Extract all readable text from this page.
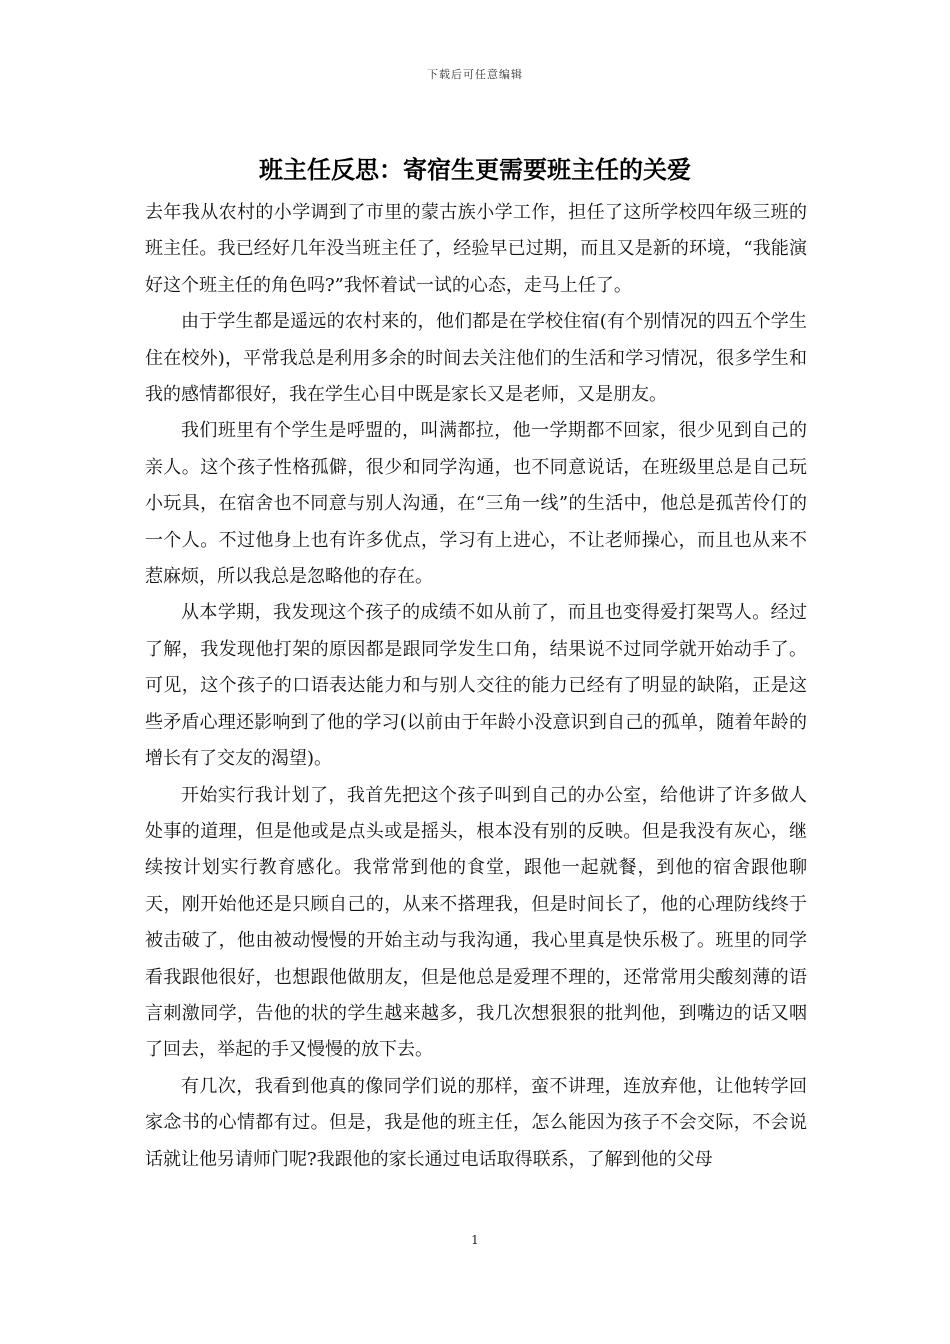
下载后可任意编辑
班主任反思：寄宿生更需要班主任的关爱

去年我从农村的小学调到了市里的蒙古族小学工作，担任了这所学校四年级三班的班主任。我已经好几年没当班主任了，经验早已过期，而且又是新的环境，“我能演好这个班主任的角色吗?”我怀着试一试的心态，走马上任了。

由于学生都是遥远的农村来的，他们都是在学校住宿(有个别情况的四五个学生住在校外)，平常我总是利用多余的时间去关注他们的生活和学习情况，很多学生和我的感情都很好，我在学生心目中既是家长又是老师，又是朋友。

我们班里有个学生是呼盟的，叫满都拉，他一学期都不回家，很少见到自己的亲人。这个孩子性格孤僻，很少和同学沟通，也不同意说话，在班级里总是自己玩小玩具，在宿舍也不同意与别人沟通，在“三角一线”的生活中，他总是孤苦伶仃的一个人。不过他身上也有许多优点，学习有上进心，不让老师操心，而且也从来不惹麻烦，所以我总是忽略他的存在。

从本学期，我发现这个孩子的成绩不如从前了，而且也变得爱打架骂人。经过了解，我发现他打架的原因都是跟同学发生口角，结果说不过同学就开始动手了。可见，这个孩子的口语表达能力和与别人交往的能力已经有了明显的缺陷，正是这些矛盾心理还影响到了他的学习(以前由于年龄小没意识到自己的孤单，随着年龄的增长有了交友的渴望)。

开始实行我计划了，我首先把这个孩子叫到自己的办公室，给他讲了许多做人处事的道理，但是他或是点头或是摇头，根本没有别的反映。但是我没有灰心，继续按计划实行教育感化。我常常到他的食堂，跟他一起就餐，到他的宿舍跟他聊天，刚开始他还是只顾自己的，从来不搭理我，但是时间长了，他的心理防线终于被击破了，他由被动慢慢的开始主动与我沟通，我心里真是快乐极了。班里的同学看我跟他很好，也想跟他做朋友，但是他总是爱理不理的，还常常用尖酸刻薄的语言刺激同学，告他的状的学生越来越多，我几次想狠狠的批判他，到嘴边的话又咽了回去，举起的手又慢慢的放下去。

有几次，我看到他真的像同学们说的那样，蛮不讲理，连放弃他，让他转学回家念书的心情都有过。但是，我是他的班主任，怎么能因为孩子不会交际，不会说话就让他另请师门呢?我跟他的家长通过电话取得联系，了解到他的父母

1
